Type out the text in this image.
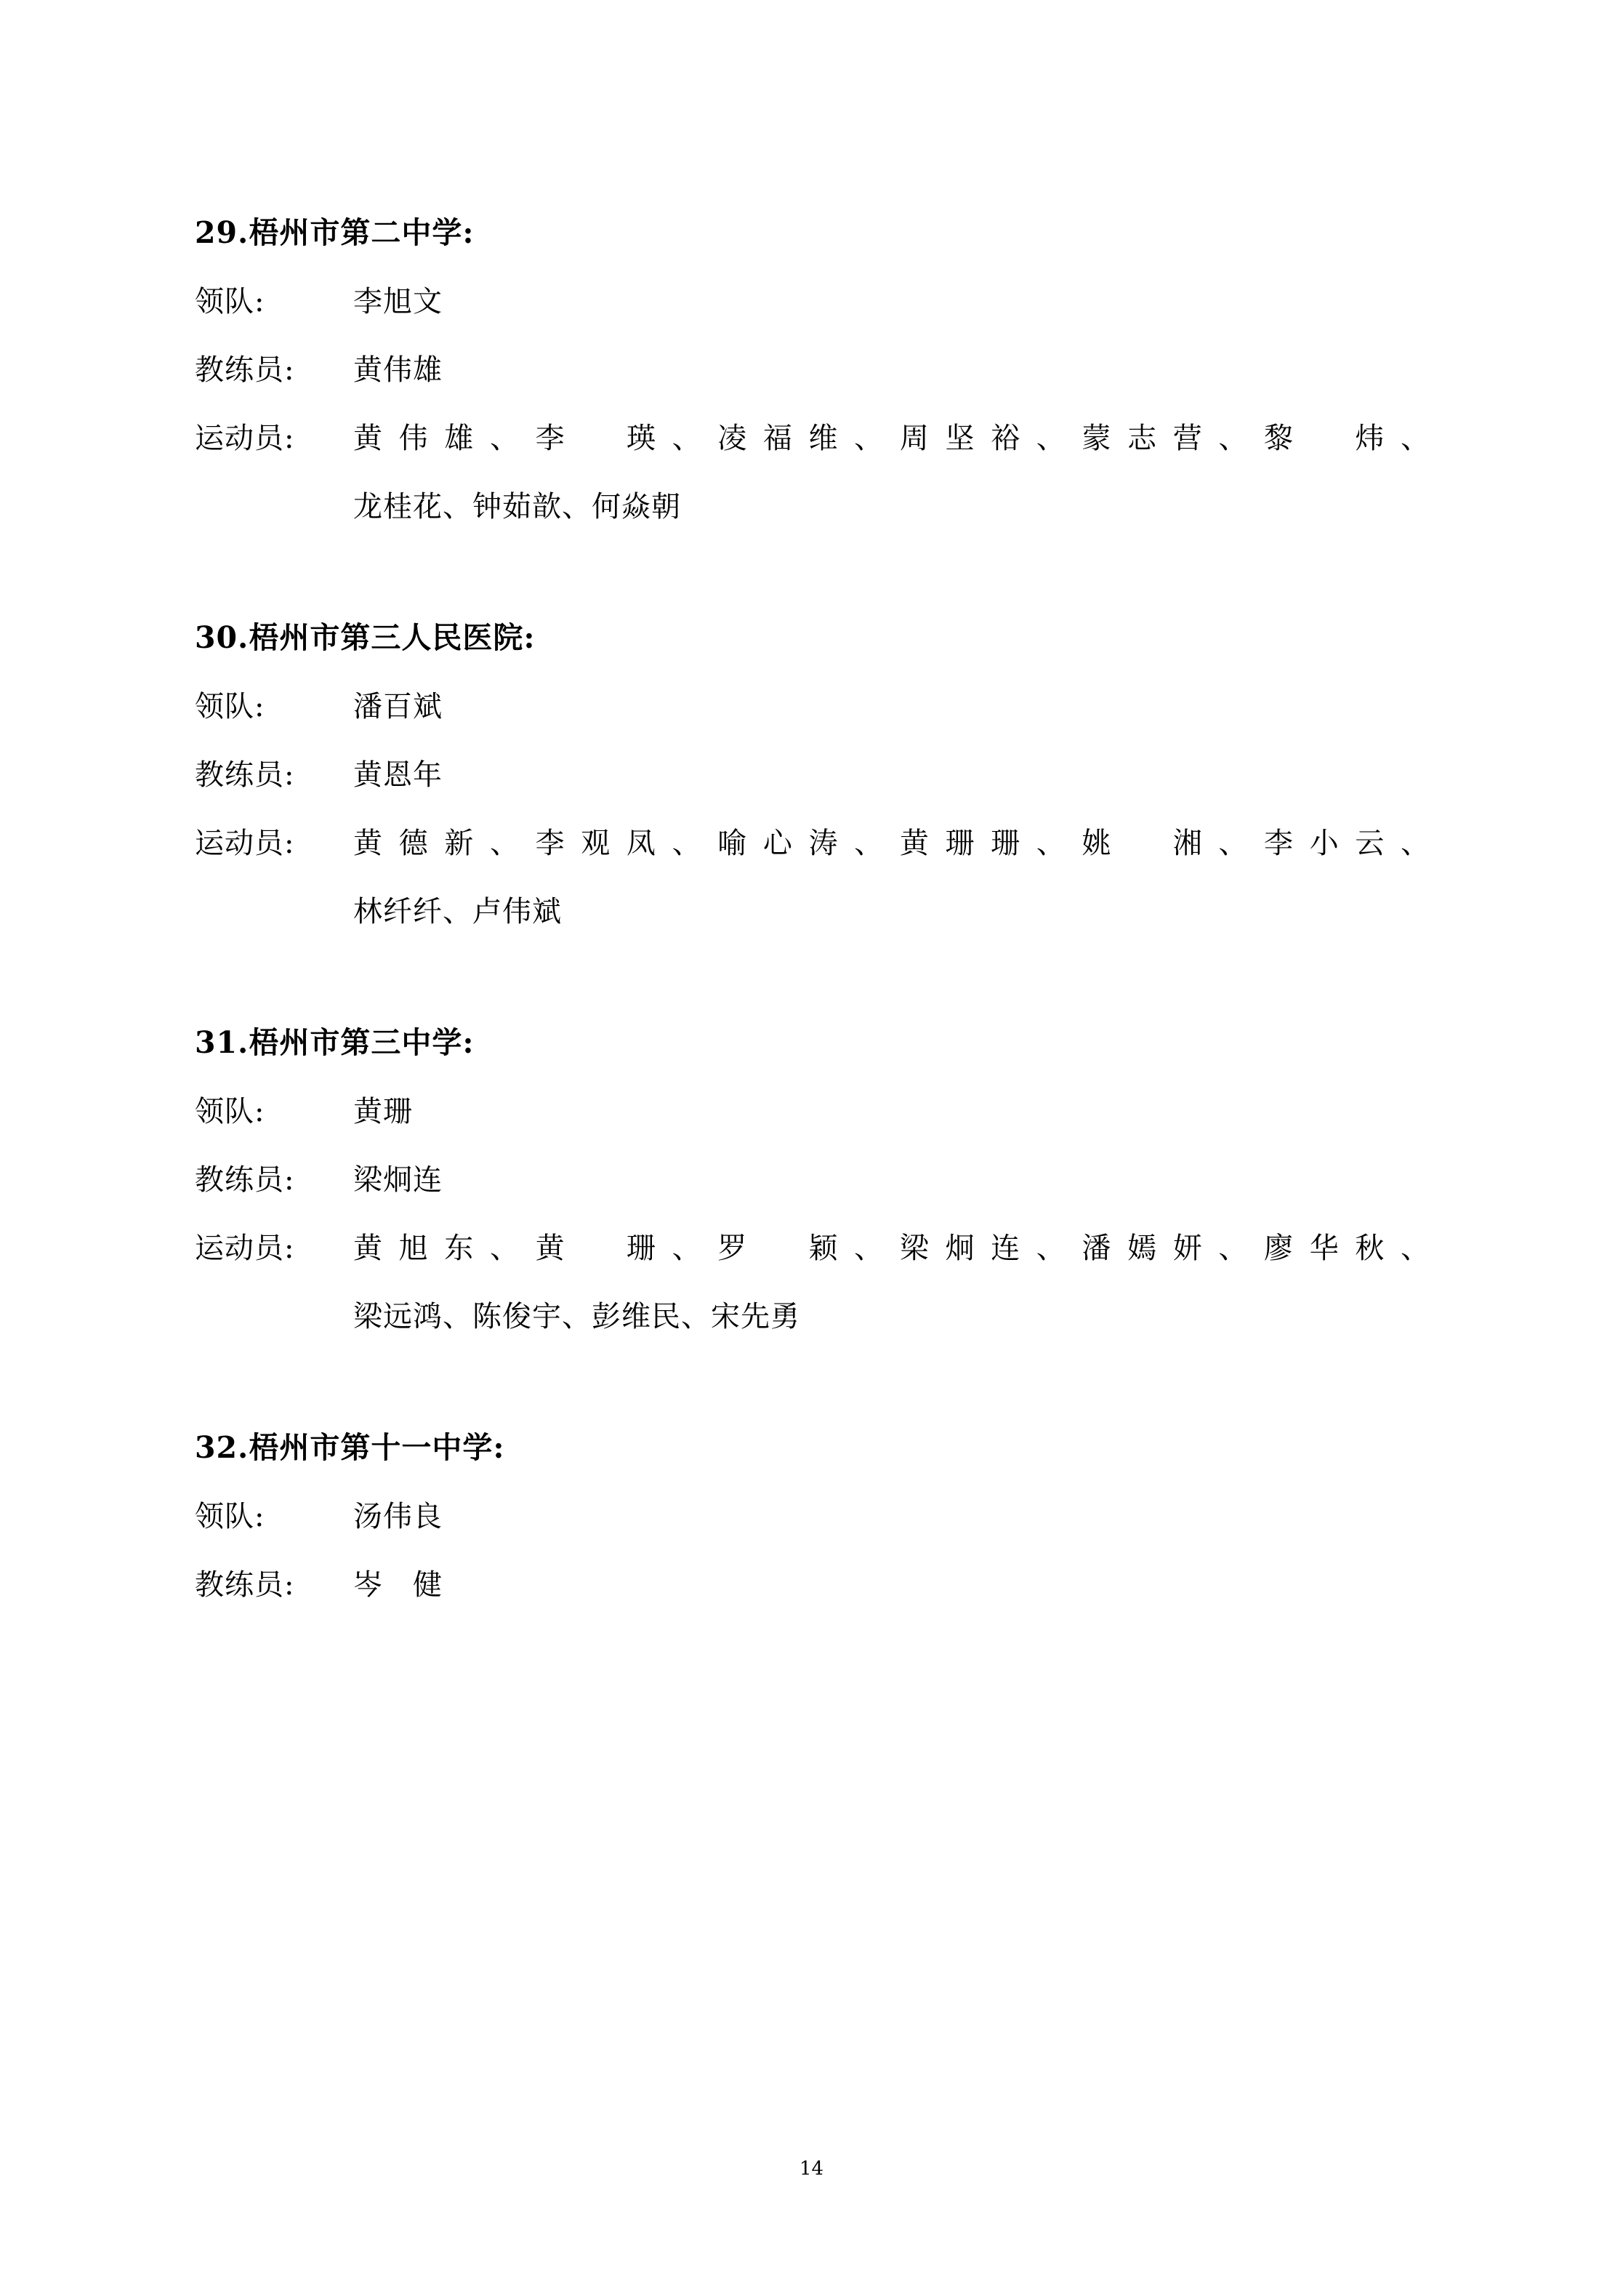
29.梧州市第二中学:
领队:	李旭文
教练员:	黄伟雄
运动员:	黄伟雄、李　瑛、凌福维、周坚裕、蒙志营、黎　炜、
龙桂花、钟茹歆、何焱朝
30.梧州市第三人民医院:
领队:	潘百斌
教练员:	黄恩年
运动员:	黄德新、李观凤、喻心涛、黄珊珊、姚　湘、李小云、
林纤纤、卢伟斌
31.梧州市第三中学:
领队:	黄珊
教练员:	梁炯连
运动员:	黄旭东、黄　珊、罗　颖、梁炯连、潘嫣妍、廖华秋、
梁远鸿、陈俊宇、彭维民、宋先勇
32.梧州市第十一中学:
领队:	汤伟良
教练员:	岑　健
14
